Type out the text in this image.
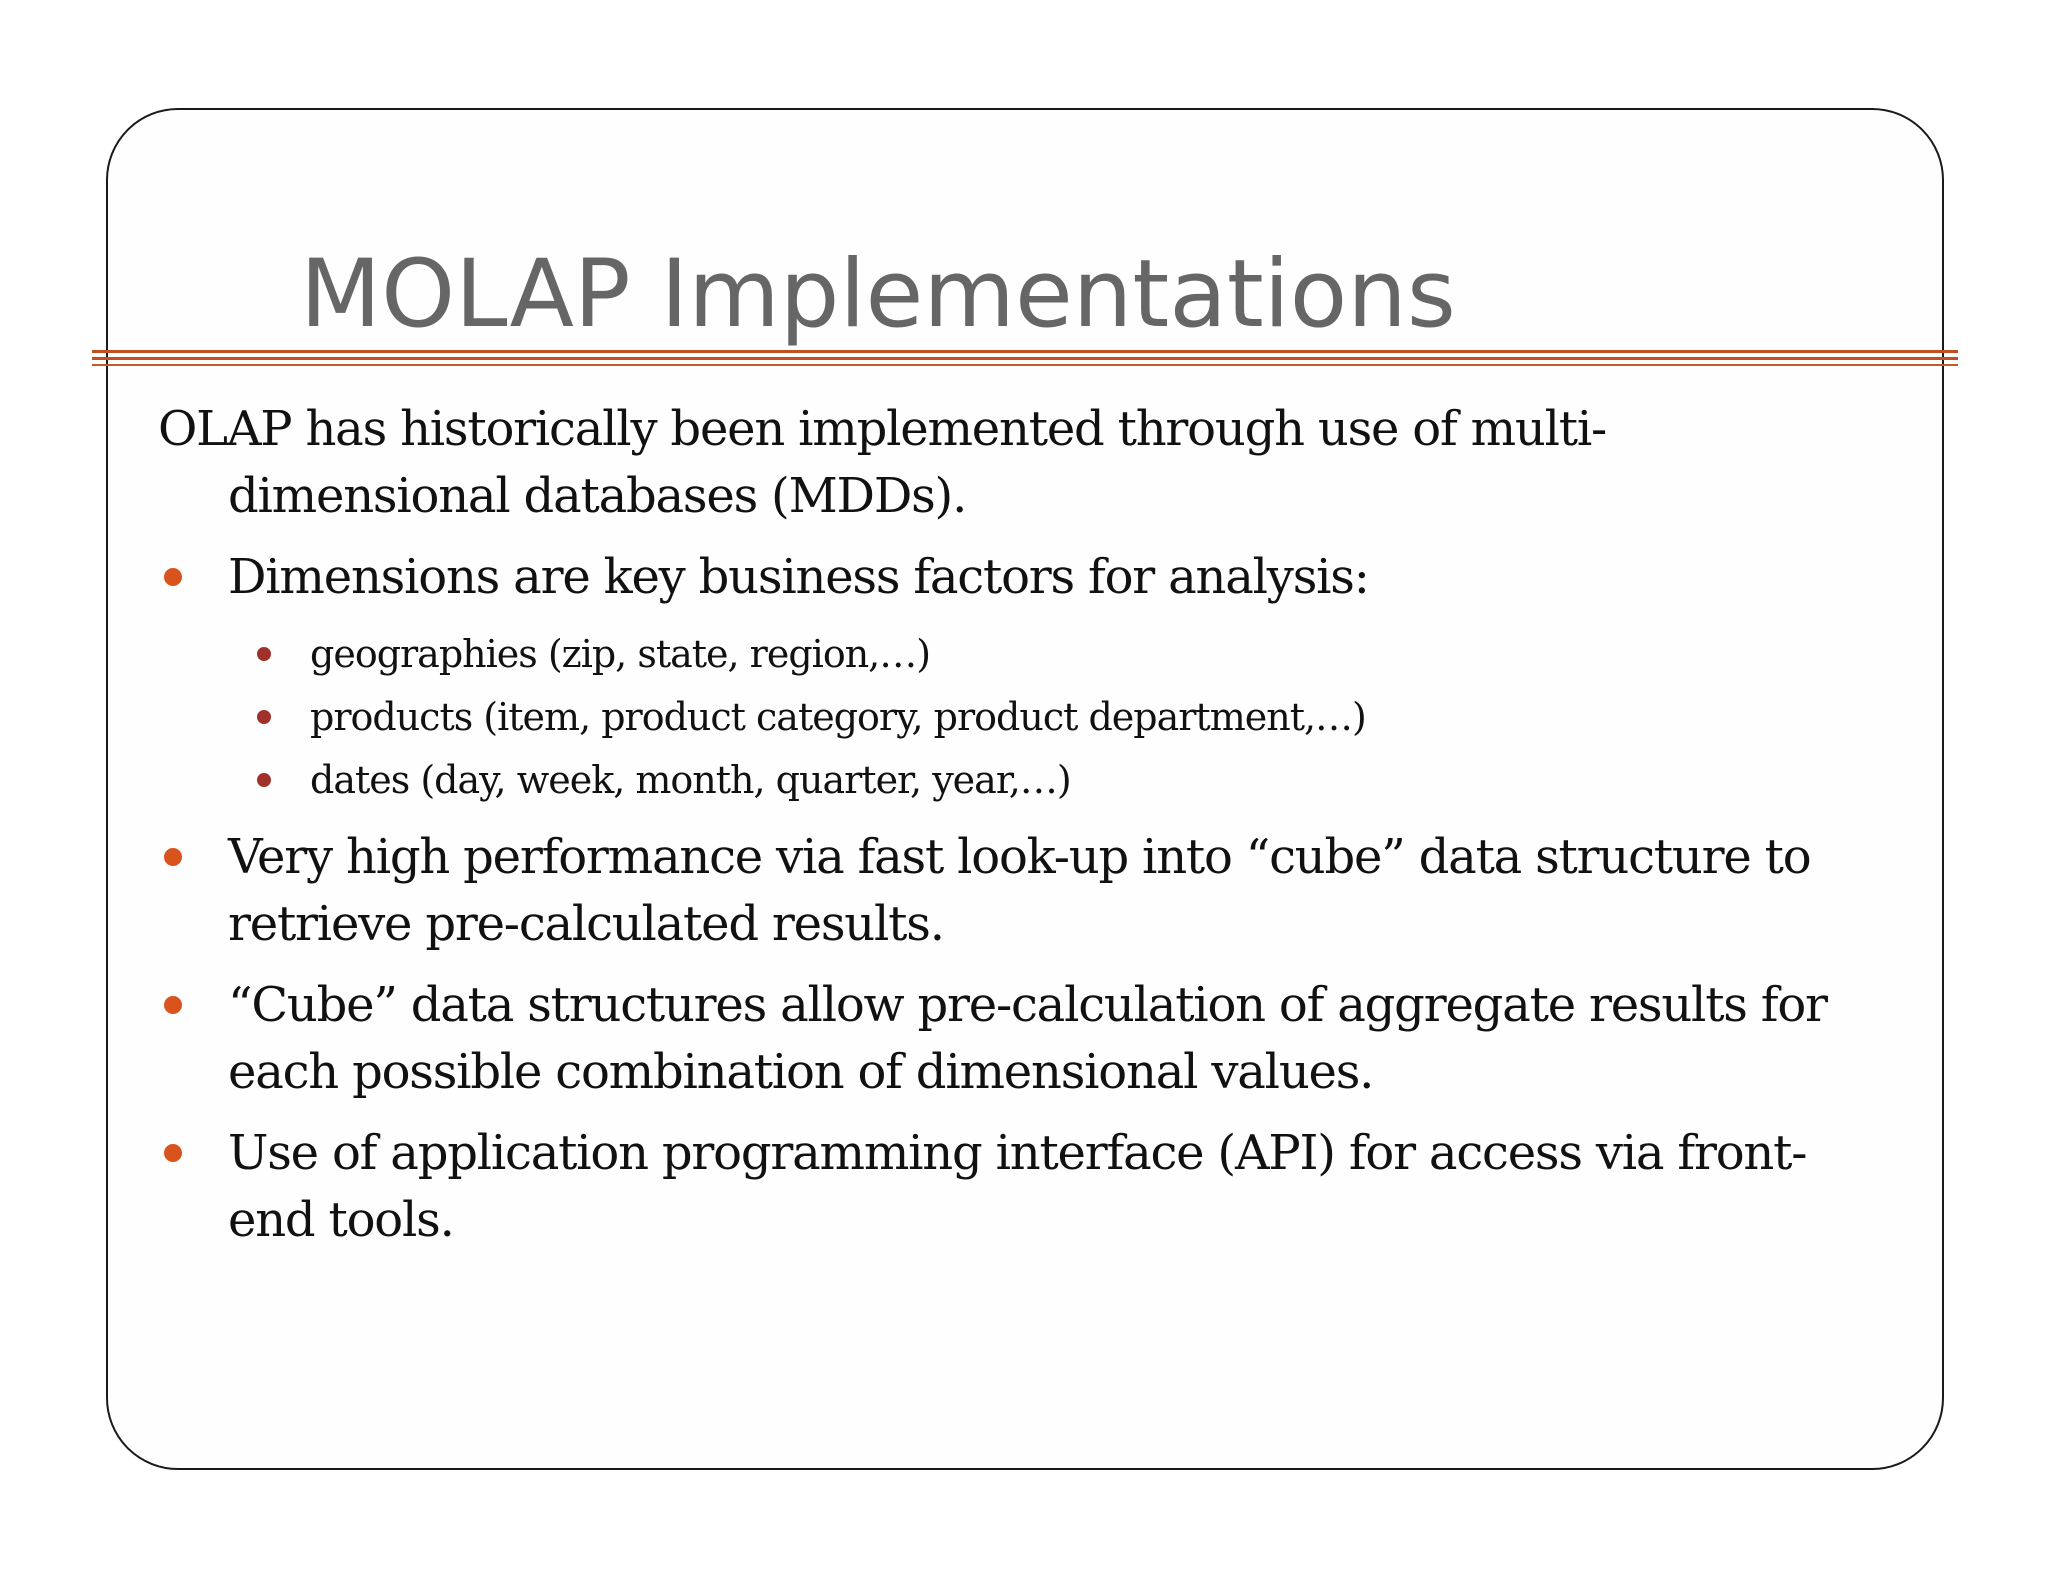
MOLAP Implementations

OLAP has historically been implemented through use of multi-dimensional databases (MDDs).

Dimensions are key business factors for analysis:
geographies (zip, state, region,…)
products (item, product category, product department,…)
dates (day, week, month, quarter, year,…)
Very high performance via fast look-up into “cube” data structure to retrieve pre-calculated results.
“Cube” data structures allow pre-calculation of aggregate results for each possible combination of dimensional values.
Use of application programming interface (API) for access via front-end tools.
